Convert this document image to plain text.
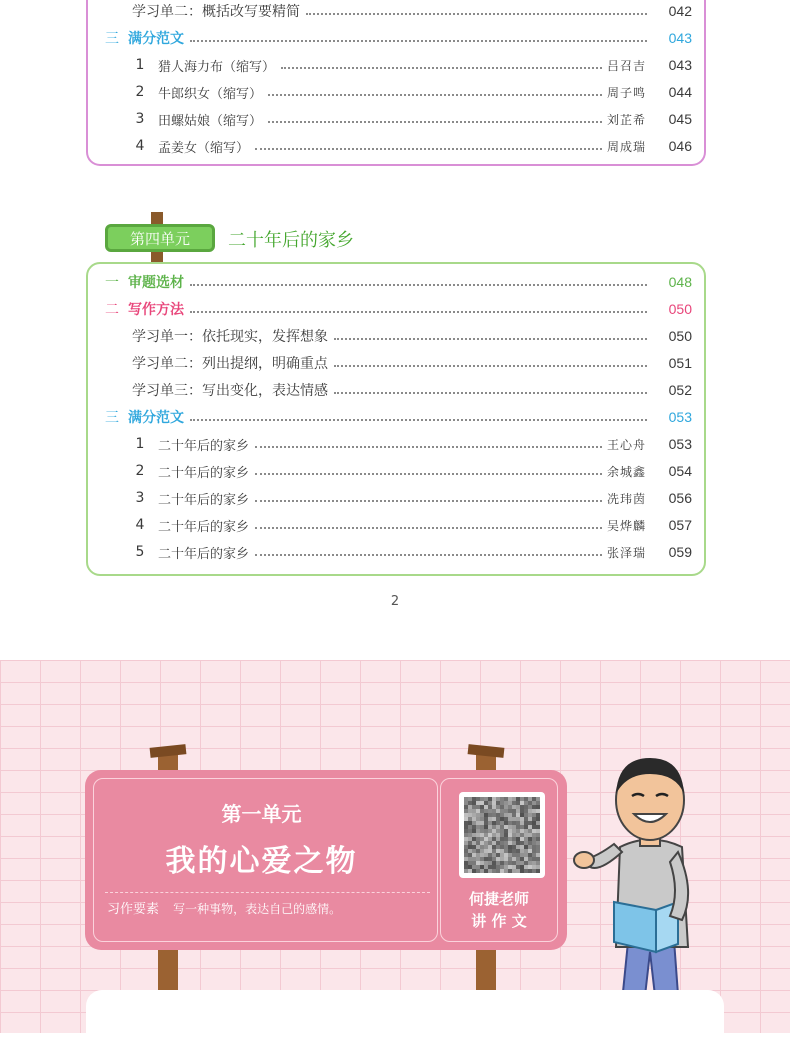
学习单二：概括改写要精简	042
三 满分范文	043
1	猎人海力布（缩写）	吕召吉	043
2	牛郎织女（缩写）	周子鸣	044
3	田螺姑娘（缩写）	刘芷希	045
4	孟姜女（缩写）	周成瑞	046
第四单元 二十年后的家乡
一 审题选材	048
二 写作方法	050
学习单一：依托现实，发挥想象	050
学习单二：列出提纲，明确重点	051
学习单三：写出变化，表达情感	052
三 满分范文	053
1	二十年后的家乡	王心舟	053
2	二十年后的家乡	余城鑫	054
3	二十年后的家乡	冼玮茵	056
4	二十年后的家乡	吴烨麟	057
5	二十年后的家乡	张泽瑞	059
2
第一单元
我的心爱之物
习作要素 写一种事物，表达自己的感情。
何捷老师
讲 作 文
